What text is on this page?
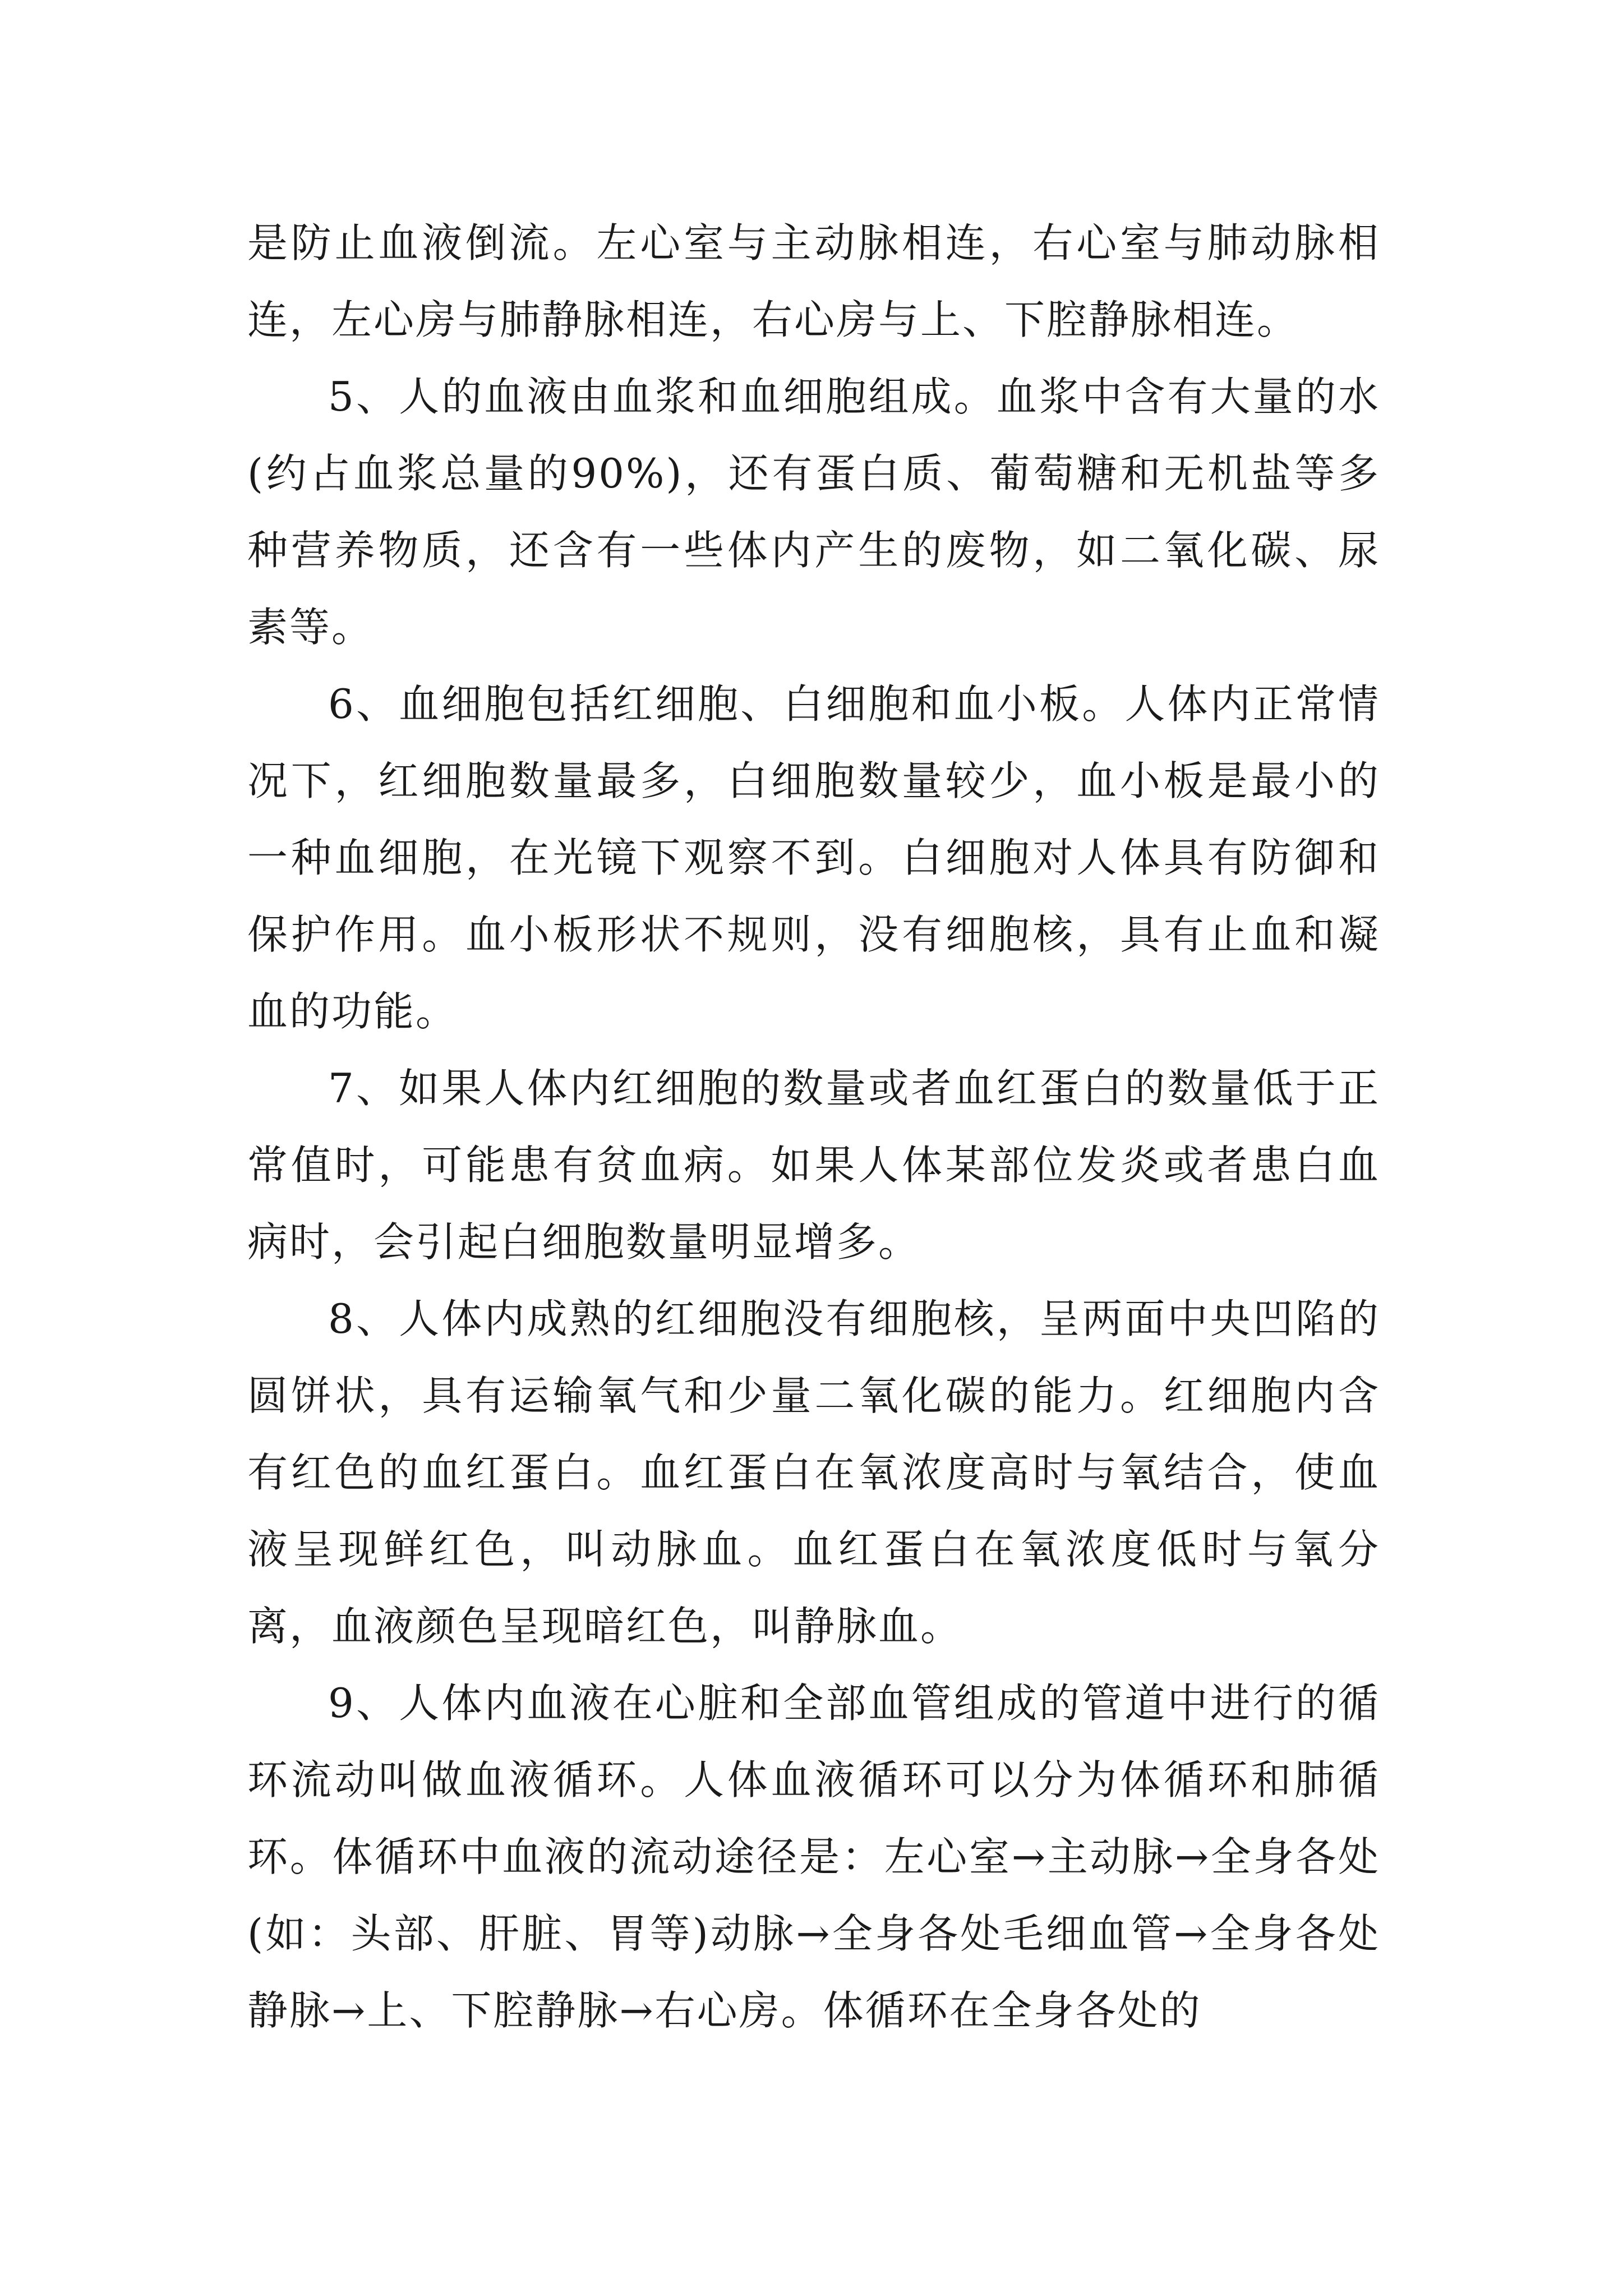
是防止血液倒流。左心室与主动脉相连，右心室与肺动脉相连，左心房与肺静脉相连，右心房与上、下腔静脉相连。

5、人的血液由血浆和血细胞组成。血浆中含有大量的水(约占血浆总量的90%)，还有蛋白质、葡萄糖和无机盐等多种营养物质，还含有一些体内产生的废物，如二氧化碳、尿素等。

6、血细胞包括红细胞、白细胞和血小板。人体内正常情况下，红细胞数量最多，白细胞数量较少，血小板是最小的一种血细胞，在光镜下观察不到。白细胞对人体具有防御和保护作用。血小板形状不规则，没有细胞核，具有止血和凝血的功能。

7、如果人体内红细胞的数量或者血红蛋白的数量低于正常值时，可能患有贫血病。如果人体某部位发炎或者患白血病时，会引起白细胞数量明显增多。

8、人体内成熟的红细胞没有细胞核，呈两面中央凹陷的圆饼状，具有运输氧气和少量二氧化碳的能力。红细胞内含有红色的血红蛋白。血红蛋白在氧浓度高时与氧结合，使血液呈现鲜红色，叫动脉血。血红蛋白在氧浓度低时与氧分离，血液颜色呈现暗红色，叫静脉血。

9、人体内血液在心脏和全部血管组成的管道中进行的循环流动叫做血液循环。人体血液循环可以分为体循环和肺循环。体循环中血液的流动途径是：左心室→主动脉→全身各处(如：头部、肝脏、胃等)动脉→全身各处毛细血管→全身各处静脉→上、下腔静脉→右心房。体循环在全身各处的
